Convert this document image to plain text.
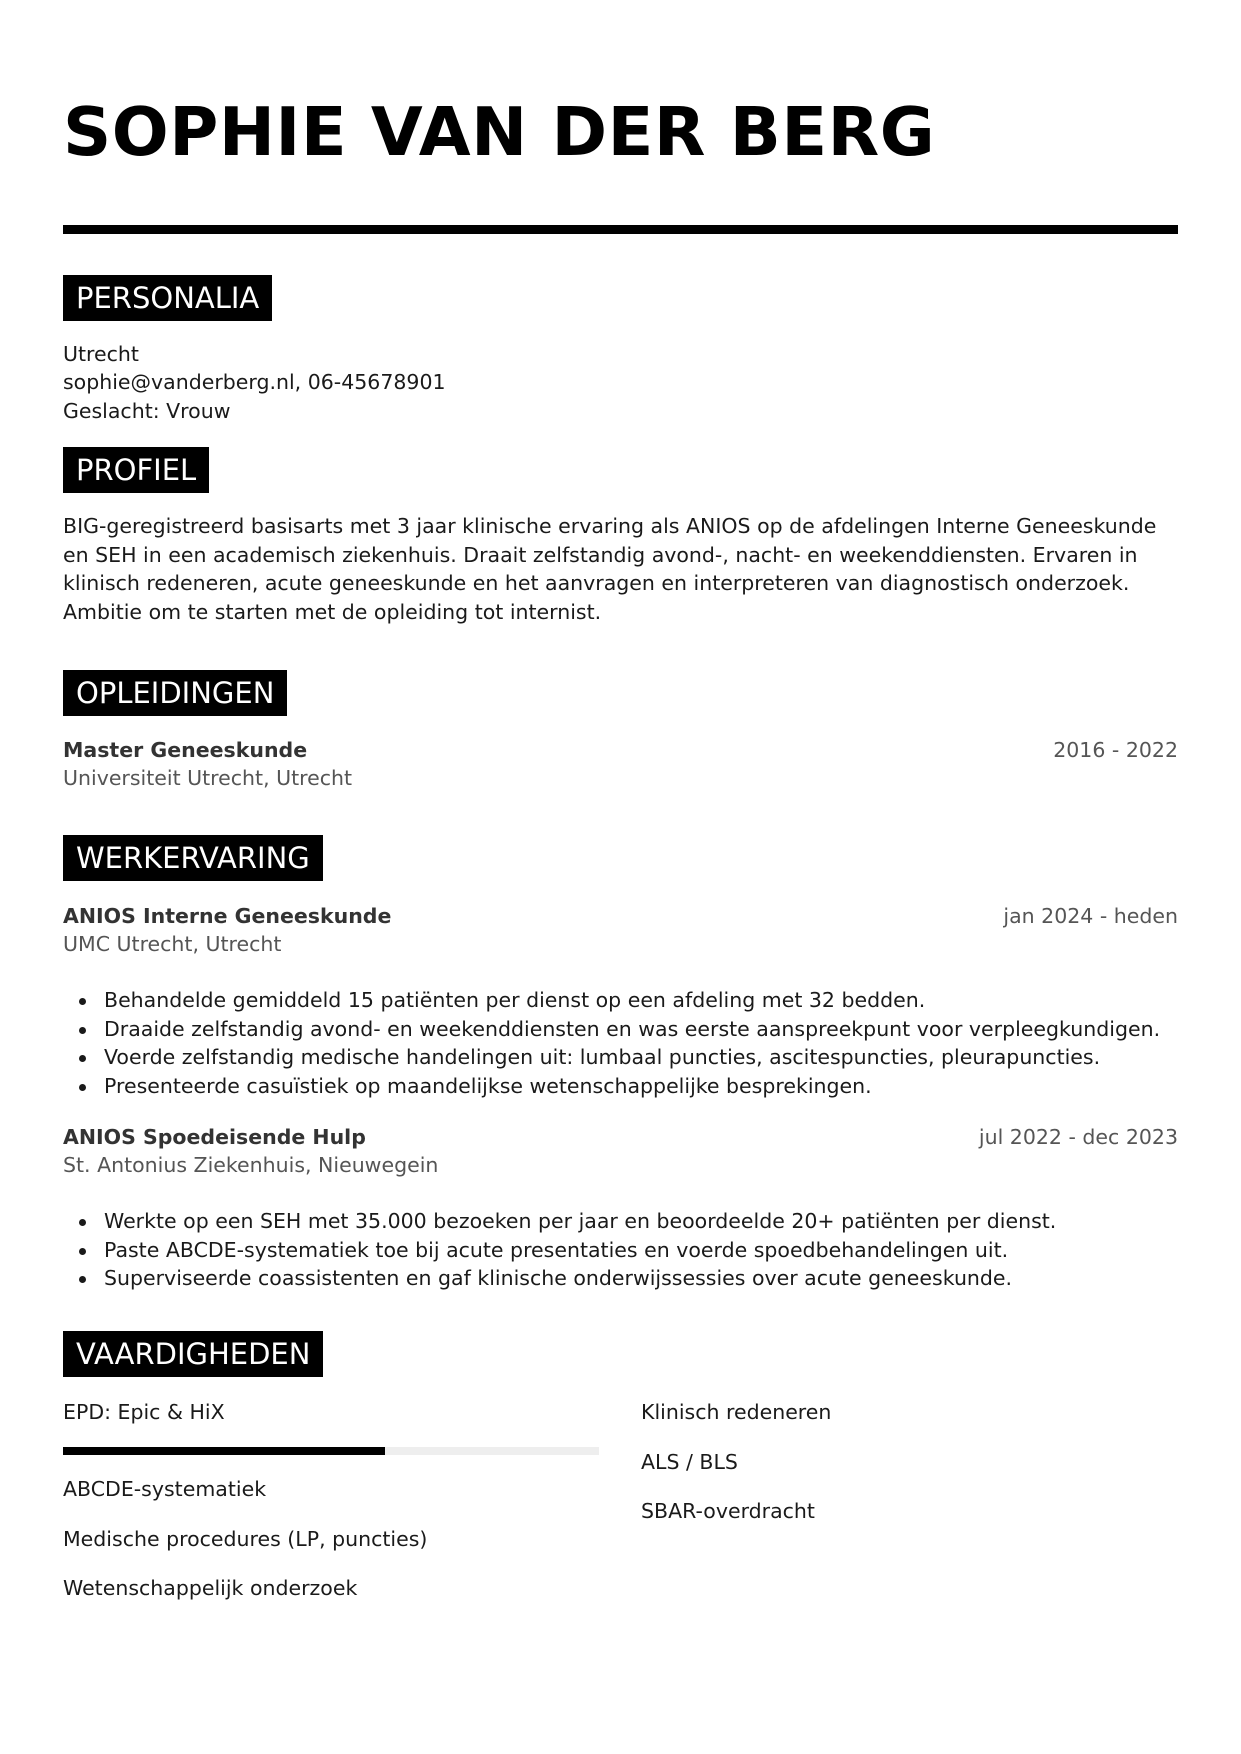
SOPHIE VAN DER BERG
PERSONALIA
Utrecht
sophie@vanderberg.nl, 06-45678901
Geslacht: Vrouw
PROFIEL
BIG-geregistreerd basisarts met 3 jaar klinische ervaring als ANIOS op de afdelingen Interne Geneeskunde
en SEH in een academisch ziekenhuis. Draait zelfstandig avond-, nacht- en weekenddiensten. Ervaren in
klinisch redeneren, acute geneeskunde en het aanvragen en interpreteren van diagnostisch onderzoek.
Ambitie om te starten met de opleiding tot internist.
OPLEIDINGEN
Master Geneeskunde	2016 - 2022
Universiteit Utrecht, Utrecht
WERKERVARING
ANIOS Interne Geneeskunde	jan 2024 - heden
UMC Utrecht, Utrecht
Behandelde gemiddeld 15 patiënten per dienst op een afdeling met 32 bedden.
Draaide zelfstandig avond- en weekenddiensten en was eerste aanspreekpunt voor verpleegkundigen.
Voerde zelfstandig medische handelingen uit: lumbaal puncties, ascitespuncties, pleurapuncties.
Presenteerde casuïstiek op maandelijkse wetenschappelijke besprekingen.
ANIOS Spoedeisende Hulp	jul 2022 - dec 2023
St. Antonius Ziekenhuis, Nieuwegein
Werkte op een SEH met 35.000 bezoeken per jaar en beoordeelde 20+ patiënten per dienst.
Paste ABCDE-systematiek toe bij acute presentaties en voerde spoedbehandelingen uit.
Superviseerde coassistenten en gaf klinische onderwijssessies over acute geneeskunde.
VAARDIGHEDEN
EPD: Epic & HiX
ABCDE-systematiek
Medische procedures (LP, puncties)
Wetenschappelijk onderzoek
Klinisch redeneren
ALS / BLS
SBAR-overdracht
